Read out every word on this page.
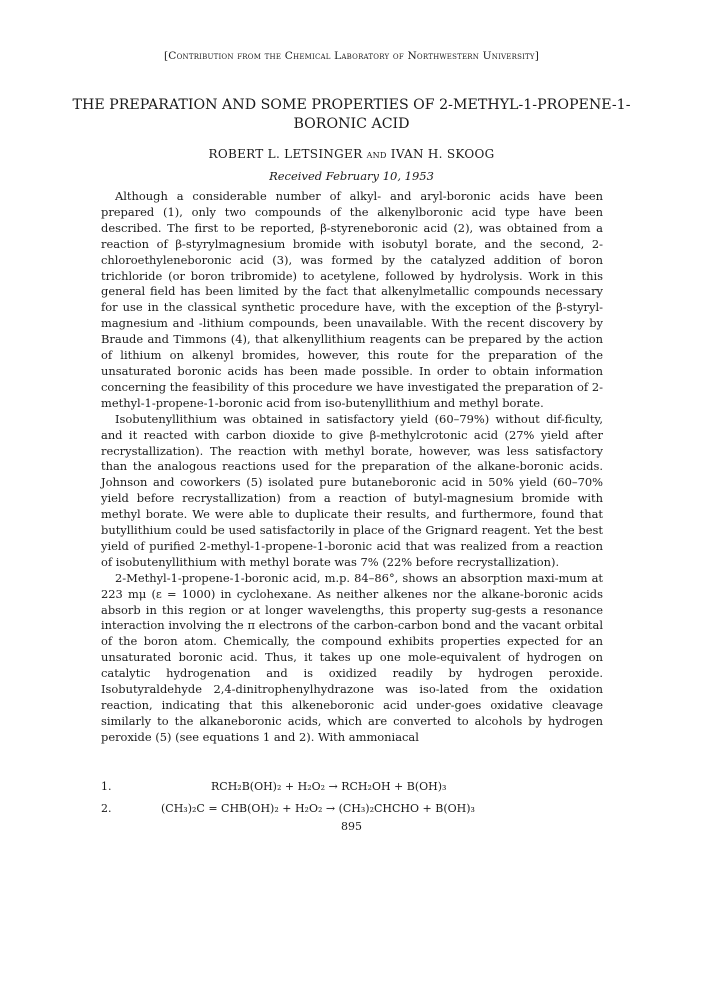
[Contribution from the Chemical Laboratory of Northwestern University]
THE PREPARATION AND SOME PROPERTIES OF 2-METHYL-1-PROPENE-1-BORONIC ACID
ROBERT L. LETSINGER and IVAN H. SKOOG
Received February 10, 1953

Although a considerable number of alkyl- and aryl-boronic acids have been prepared (1), only two compounds of the alkenylboronic acid type have been described. The first to be reported, β-styreneboronic acid (2), was obtained from a reaction of β-styrylmagnesium bromide with isobutyl borate, and the second, 2-chloroethyleneboronic acid (3), was formed by the catalyzed addition of boron trichloride (or boron tribromide) to acetylene, followed by hydrolysis. Work in this general field has been limited by the fact that alkenylmetallic compounds necessary for use in the classical synthetic procedure have, with the exception of the β-styryl-magnesium and -lithium compounds, been unavailable. With the recent discovery by Braude and Timmons (4), that alkenyllithium reagents can be prepared by the action of lithium on alkenyl bromides, however, this route for the preparation of the unsaturated boronic acids has been made possible. In order to obtain information concerning the feasibility of this procedure we have investigated the preparation of 2-methyl-1-propene-1-boronic acid from iso-butenyllithium and methyl borate.

Isobutenyllithium was obtained in satisfactory yield (60–79%) without dif-ficulty, and it reacted with carbon dioxide to give β-methylcrotonic acid (27% yield after recrystallization). The reaction with methyl borate, however, was less satisfactory than the analogous reactions used for the preparation of the alkane-boronic acids. Johnson and coworkers (5) isolated pure butaneboronic acid in 50% yield (60–70% yield before recrystallization) from a reaction of butyl-magnesium bromide with methyl borate. We were able to duplicate their results, and furthermore, found that butyllithium could be used satisfactorily in place of the Grignard reagent. Yet the best yield of purified 2-methyl-1-propene-1-boronic acid that was realized from a reaction of isobutenyllithium with methyl borate was 7% (22% before recrystallization).

2-Methyl-1-propene-1-boronic acid, m.p. 84–86°, shows an absorption maxi-mum at 223 mμ (ε = 1000) in cyclohexane. As neither alkenes nor the alkane-boronic acids absorb in this region or at longer wavelengths, this property sug-gests a resonance interaction involving the π electrons of the carbon-carbon bond and the vacant orbital of the boron atom. Chemically, the compound exhibits properties expected for an unsaturated boronic acid. Thus, it takes up one mole-equivalent of hydrogen on catalytic hydrogenation and is oxidized readily by hydrogen peroxide. Isobutyraldehyde 2,4-dinitrophenylhydrazone was iso-lated from the oxidation reaction, indicating that this alkeneboronic acid under-goes oxidative cleavage similarly to the alkaneboronic acids, which are converted to alcohols by hydrogen peroxide (5) (see equations 1 and 2). With ammoniacal

1.	RCH₂B(OH)₂ + H₂O₂ → RCH₂OH + B(OH)₃
2.	(CH₃)₂C = CHB(OH)₂ + H₂O₂ → (CH₃)₂CHCHO + B(OH)₃
895
